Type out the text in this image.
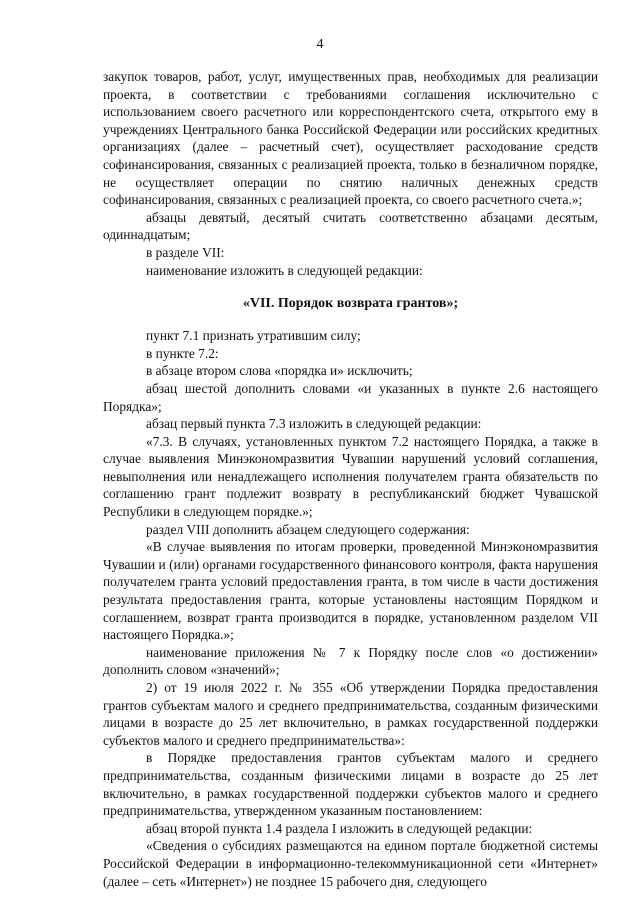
4

закупок товаров, работ, услуг, имущественных прав, необходимых для реализации проекта, в соответствии с требованиями соглашения исключительно с использованием своего расчетного или корреспондентского счета, открытого ему в учреждениях Центрального банка Российской Федерации или российских кредитных организациях (далее – расчетный счет), осуществляет расходование средств софинансирования, связанных с реализацией проекта, только в безналичном порядке, не осуществляет операции по снятию наличных денежных средств софинансирования, связанных с реализацией проекта, со своего расчетного счета.»;

абзацы девятый, десятый считать соответственно абзацами десятым, одиннадцатым;

в разделе VII:

наименование изложить в следующей редакции:

«VII. Порядок возврата грантов»;

пункт 7.1 признать утратившим силу;

в пункте 7.2:

в абзаце втором слова «порядка и» исключить;

абзац шестой дополнить словами «и указанных в пункте 2.6 настоящего Порядка»;

абзац первый пункта 7.3 изложить в следующей редакции:

«7.3. В случаях, установленных пунктом 7.2 настоящего Порядка, а также в случае выявления Минэкономразвития Чувашии нарушений условий соглашения, невыполнения или ненадлежащего исполнения получателем гранта обязательств по соглашению грант подлежит возврату в республиканский бюджет Чувашской Республики в следующем порядке.»;

раздел VIII дополнить абзацем следующего содержания:

«В случае выявления по итогам проверки, проведенной Минэкономразвития Чувашии и (или) органами государственного финансового контроля, факта нарушения получателем гранта условий предоставления гранта, в том числе в части достижения результата предоставления гранта, которые установлены настоящим Порядком и соглашением, возврат гранта производится в порядке, установленном разделом VII настоящего Порядка.»;

наименование приложения № 7 к Порядку после слов «о достижении» дополнить словом «значений»;

2) от 19 июля 2022 г. № 355 «Об утверждении Порядка предоставления грантов субъектам малого и среднего предпринимательства, созданным физическими лицами в возрасте до 25 лет включительно, в рамках государственной поддержки субъектов малого и среднего предпринимательства»:

в Порядке предоставления грантов субъектам малого и среднего предпринимательства, созданным физическими лицами в возрасте до 25 лет включительно, в рамках государственной поддержки субъектов малого и среднего предпринимательства, утвержденном указанным постановлением:

абзац второй пункта 1.4 раздела I изложить в следующей редакции:

«Сведения о субсидиях размещаются на едином портале бюджетной системы Российской Федерации в информационно-телекоммуникационной сети «Интернет» (далее – сеть «Интернет») не позднее 15 рабочего дня, следующего
